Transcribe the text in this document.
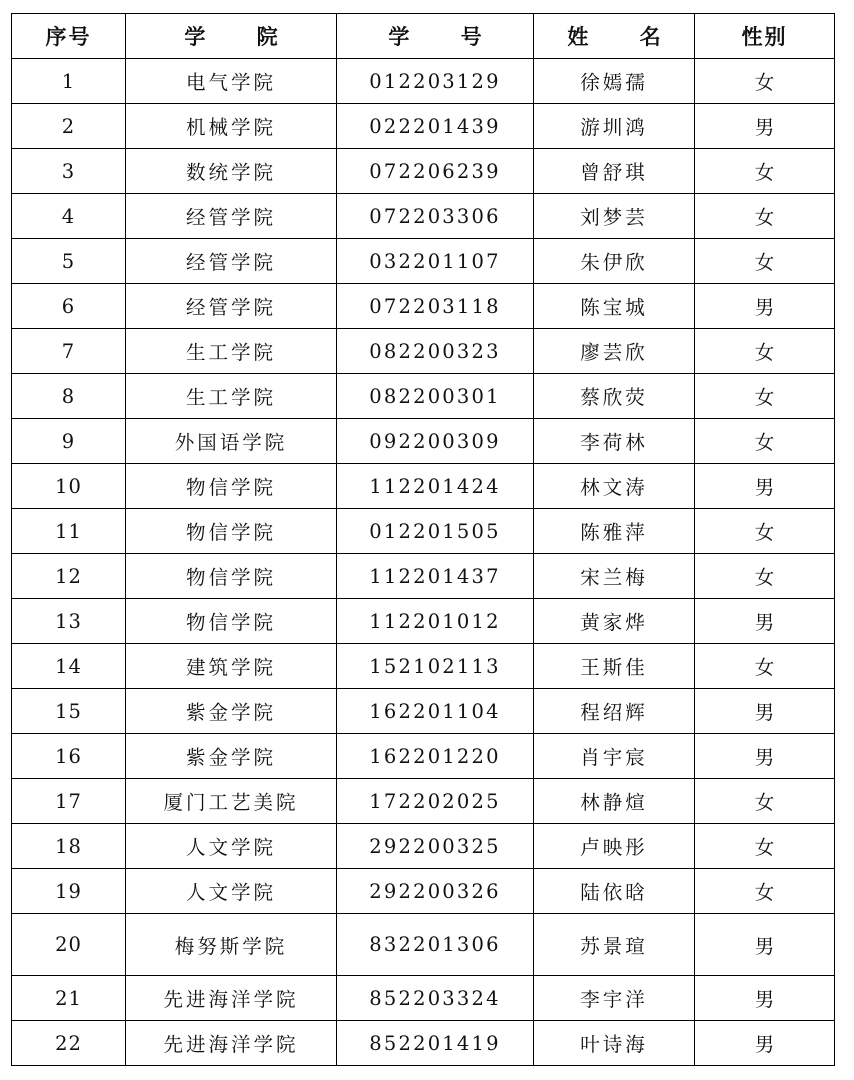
序号	学 院	学 号	姓 名	性别
1	电气学院	012203129	徐嫣孺	女
2	机械学院	022201439	游圳鸿	男
3	数统学院	072206239	曾舒琪	女
4	经管学院	072203306	刘梦芸	女
5	经管学院	032201107	朱伊欣	女
6	经管学院	072203118	陈宝城	男
7	生工学院	082200323	廖芸欣	女
8	生工学院	082200301	蔡欣荧	女
9	外国语学院	092200309	李荷林	女
10	物信学院	112201424	林文涛	男
11	物信学院	012201505	陈雅萍	女
12	物信学院	112201437	宋兰梅	女
13	物信学院	112201012	黄家烨	男
14	建筑学院	152102113	王斯佳	女
15	紫金学院	162201104	程绍辉	男
16	紫金学院	162201220	肖宇宸	男
17	厦门工艺美院	172202025	林静煊	女
18	人文学院	292200325	卢映彤	女
19	人文学院	292200326	陆依晗	女
20	梅努斯学院	832201306	苏景瑄	男
21	先进海洋学院	852203324	李宇洋	男
22	先进海洋学院	852201419	叶诗海	男
